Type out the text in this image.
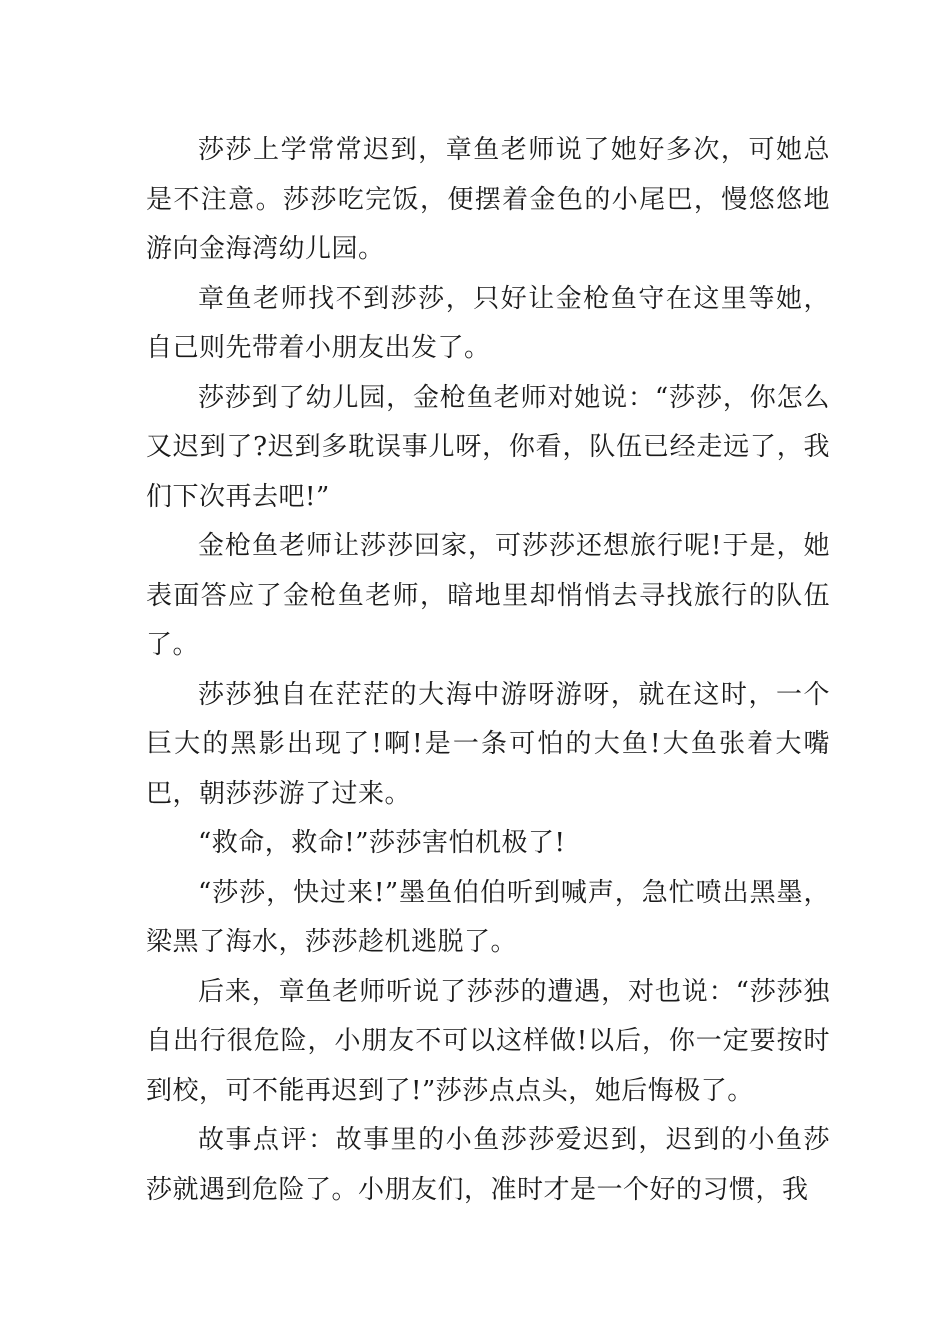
莎莎上学常常迟到，章鱼老师说了她好多次，可她总是不注意。莎莎吃完饭，便摆着金色的小尾巴，慢悠悠地游向金海湾幼儿园。

章鱼老师找不到莎莎，只好让金枪鱼守在这里等她，自己则先带着小朋友出发了。

莎莎到了幼儿园，金枪鱼老师对她说：“莎莎，你怎么又迟到了?迟到多耽误事儿呀，你看，队伍已经走远了，我们下次再去吧!”

金枪鱼老师让莎莎回家，可莎莎还想旅行呢!于是，她表面答应了金枪鱼老师，暗地里却悄悄去寻找旅行的队伍了。

莎莎独自在茫茫的大海中游呀游呀，就在这时，一个巨大的黑影出现了!啊!是一条可怕的大鱼!大鱼张着大嘴巴，朝莎莎游了过来。

“救命，救命!”莎莎害怕机极了!

“莎莎，快过来!”墨鱼伯伯听到喊声，急忙喷出黑墨，梁黑了海水，莎莎趁机逃脱了。

后来，章鱼老师听说了莎莎的遭遇，对也说：“莎莎独自出行很危险，小朋友不可以这样做!以后，你一定要按时到校，可不能再迟到了!”莎莎点点头，她后悔极了。

故事点评：故事里的小鱼莎莎爱迟到，迟到的小鱼莎莎就遇到危险了。小朋友们，准时才是一个好的习惯，我
